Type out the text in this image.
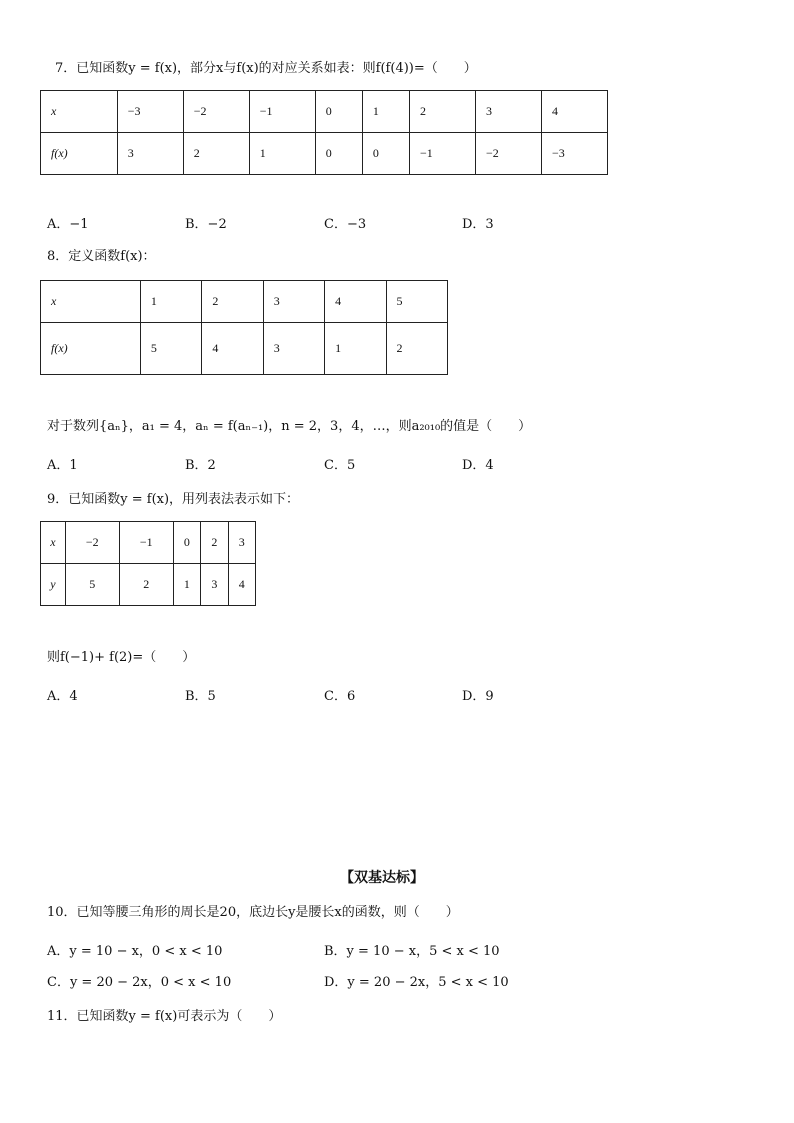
7．已知函数y = f(x)，部分x与f(x)的对应关系如表：则f(f(4))=（　　）
x	−3	−2	−1	0	1	2	3	4
f(x)	3	2	1	0	0	−1	−2	−3
A．−1	B．−2	C．−3	D．3
8．定义函数f(x)：
x	1	2	3	4	5
f(x)	5	4	3	1	2
对于数列{aₙ}，a₁ = 4，aₙ = f(aₙ₋₁)，n = 2，3，4，…，则a₂₀₁₀的值是（　　）
A．1	B．2	C．5	D．4
9．已知函数y = f(x)，用列表法表示如下：
x	−2	−1	0	2	3
y	5	2	1	3	4
则f(−1)+ f(2)=（　　）
A．4	B．5	C．6	D．9
【双基达标】
10．已知等腰三角形的周长是20，底边长y是腰长x的函数，则（　　）
A．y = 10 − x，0 < x < 10	B．y = 10 − x，5 < x < 10
C．y = 20 − 2x，0 < x < 10	D．y = 20 − 2x，5 < x < 10
11．已知函数y = f(x)可表示为（　　）
